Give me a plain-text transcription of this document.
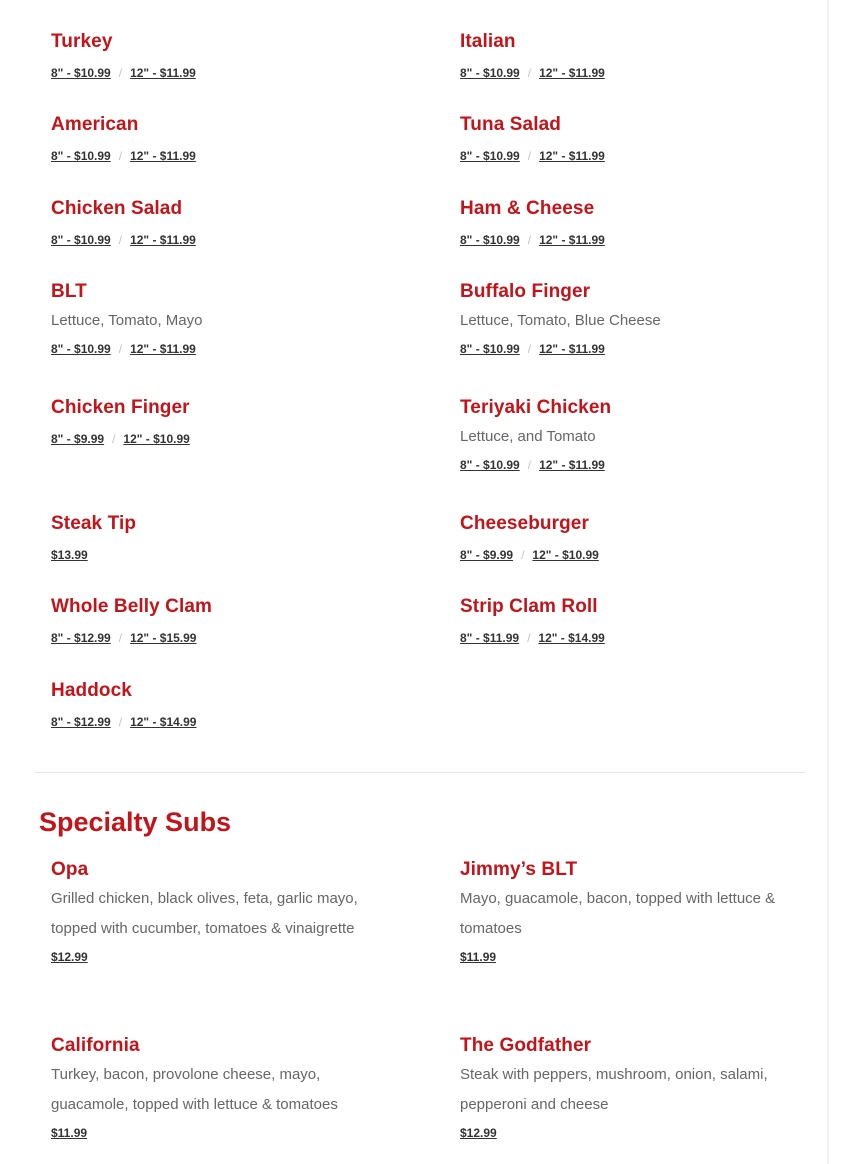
Turkey
8" - $10.99 / 12" - $11.99
American
8" - $10.99 / 12" - $11.99
Chicken Salad
8" - $10.99 / 12" - $11.99
BLT
Lettuce, Tomato, Mayo
8" - $10.99 / 12" - $11.99
Chicken Finger
8" - $9.99 / 12" - $10.99
Steak Tip
$13.99
Whole Belly Clam
8" - $12.99 / 12" - $15.99
Haddock
8" - $12.99 / 12" - $14.99
Italian
8" - $10.99 / 12" - $11.99
Tuna Salad
8" - $10.99 / 12" - $11.99
Ham & Cheese
8" - $10.99 / 12" - $11.99
Buffalo Finger
Lettuce, Tomato, Blue Cheese
8" - $10.99 / 12" - $11.99
Teriyaki Chicken
Lettuce, and Tomato
8" - $10.99 / 12" - $11.99
Cheeseburger
8" - $9.99 / 12" - $10.99
Strip Clam Roll
8" - $11.99 / 12" - $14.99
Specialty Subs
Opa
Grilled chicken, black olives, feta, garlic mayo, topped with cucumber, tomatoes & vinaigrette
$12.99
California
Turkey, bacon, provolone cheese, mayo, guacamole, topped with lettuce & tomatoes
$11.99
Jimmy’s BLT
Mayo, guacamole, bacon, topped with lettuce & tomatoes
$11.99
The Godfather
Steak with peppers, mushroom, onion, salami, pepperoni and cheese
$12.99
